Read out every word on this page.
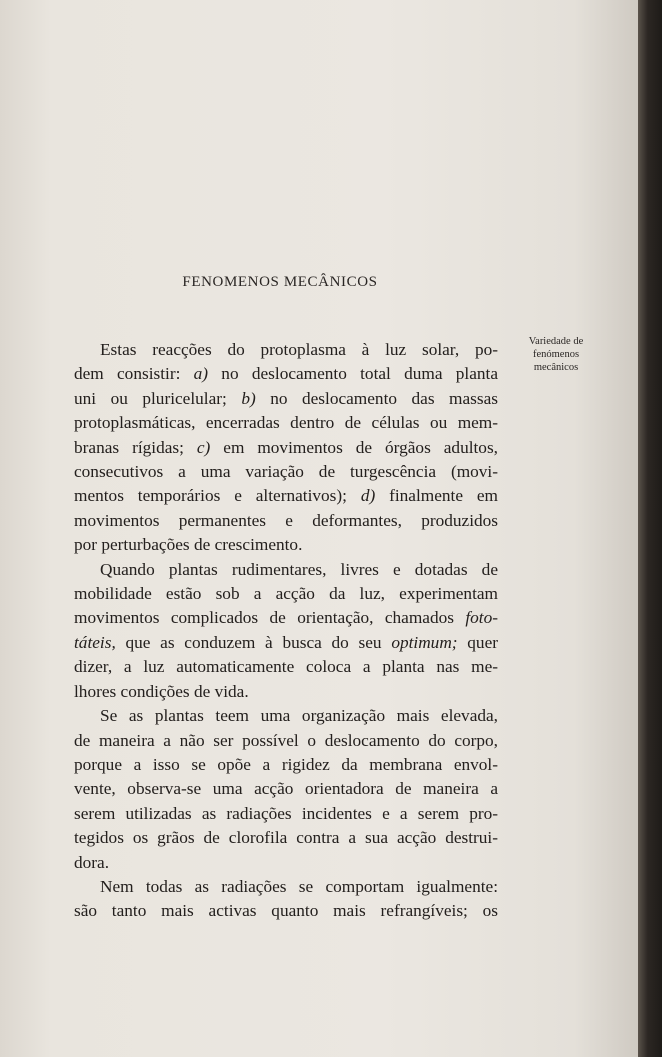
FENOMENOS MECÂNICOS
Variedade de
fenómenos
mecânicos
Estas reacções do protoplasma à luz solar, po-
dem consistir: a) no deslocamento total duma planta
uni ou pluricelular; b) no deslocamento das massas
protoplasmáticas, encerradas dentro de células ou mem-
branas rígidas; c) em movimentos de órgãos adultos,
consecutivos a uma variação de turgescência (movi-
mentos temporários e alternativos); d) finalmente em
movimentos permanentes e deformantes, produzidos
por perturbações de crescimento.
Quando plantas rudimentares, livres e dotadas de
mobilidade estão sob a acção da luz, experimentam
movimentos complicados de orientação, chamados foto-
táteis, que as conduzem à busca do seu optimum; quer
dizer, a luz automaticamente coloca a planta nas me-
lhores condições de vida.
Se as plantas teem uma organização mais elevada,
de maneira a não ser possível o deslocamento do corpo,
porque a isso se opõe a rigidez da membrana envol-
vente, observa-se uma acção orientadora de maneira a
serem utilizadas as radiações incidentes e a serem pro-
tegidos os grãos de clorofila contra a sua acção destrui-
dora.
Nem todas as radiações se comportam igualmente:
são tanto mais activas quanto mais refrangíveis; os
